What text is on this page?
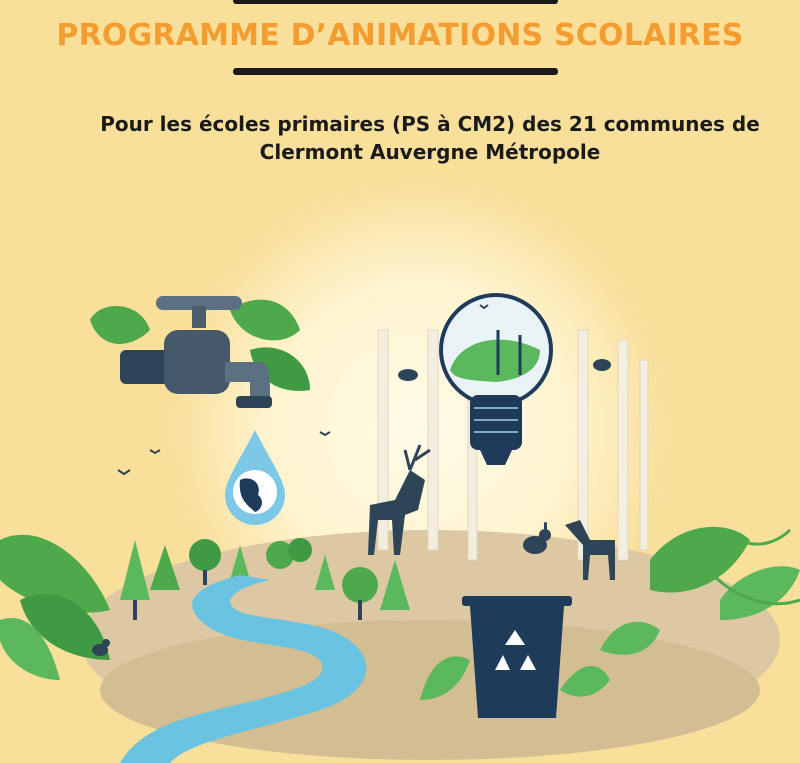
PROGRAMME D’ANIMATIONS SCOLAIRES
Pour les écoles primaires (PS à CM2) des 21 communes de
Clermont Auvergne Métropole
